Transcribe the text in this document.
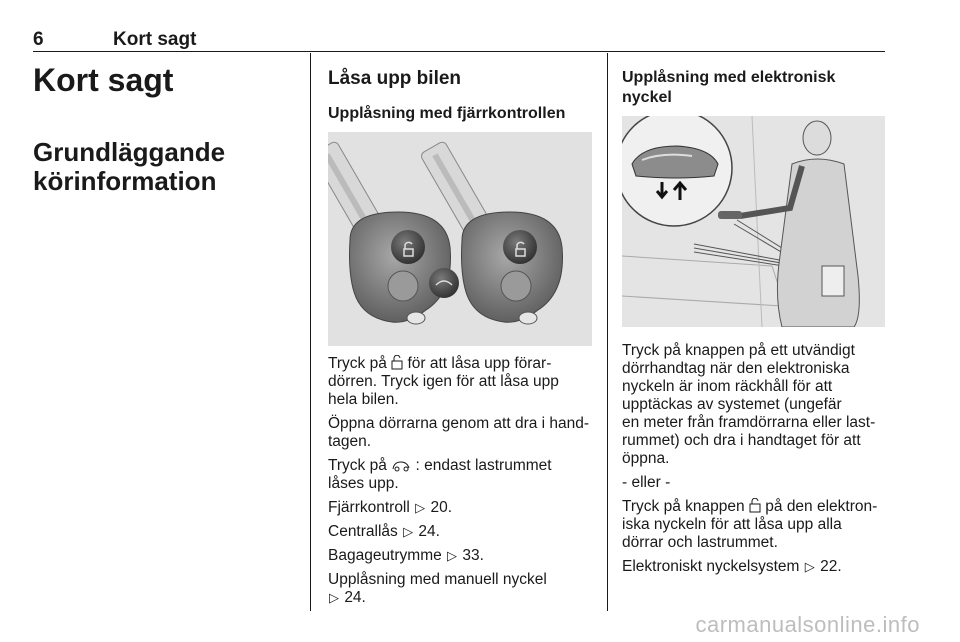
6	Kort sagt
Kort sagt
Grundläggande körinformation
Låsa upp bilen
Upplåsning med fjärrkontrollen
Tryck på för att låsa upp förar-
dörren. Tryck igen för att låsa upp
hela bilen.
Öppna dörrarna genom att dra i hand-
tagen.
Tryck på : endast lastrummet
låses upp.
Fjärrkontroll ▷ 20.
Centrallås ▷ 24.
Bagageutrymme ▷ 33.
Upplåsning med manuell nyckel
▷ 24.
Upplåsning med elektronisk
nyckel
Tryck på knappen på ett utvändigt
dörrhandtag när den elektroniska
nyckeln är inom räckhåll för att
upptäckas av systemet (ungefär
en meter från framdörrarna eller last-
rummet) och dra i handtaget för att
öppna.
- eller -
Tryck på knappen på den elektron-
iska nyckeln för att låsa upp alla
dörrar och lastrummet.
Elektroniskt nyckelsystem ▷ 22.
carmanualsonline.info
